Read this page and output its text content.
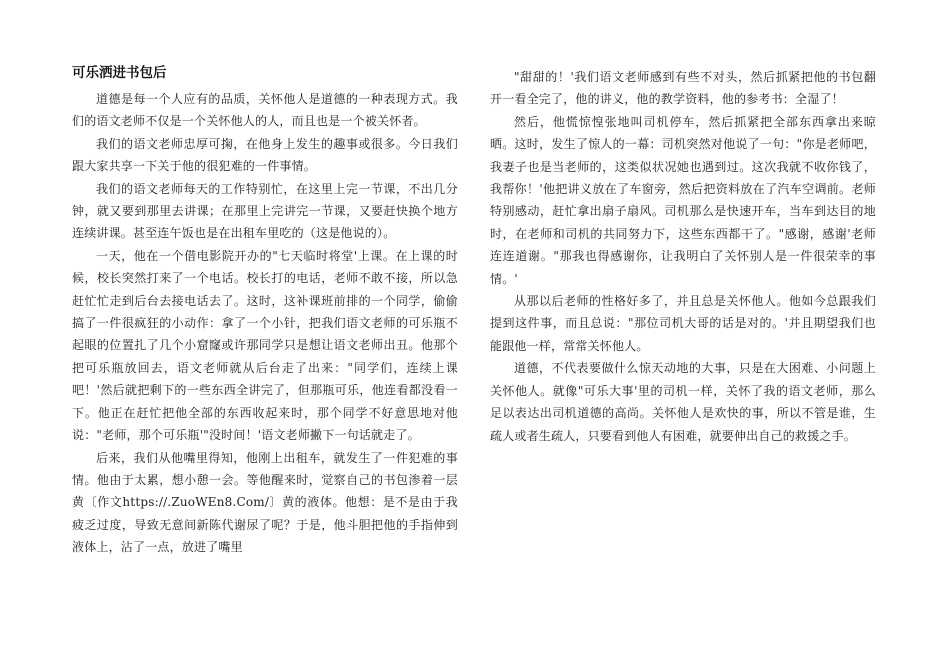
可乐洒进书包后

道德是每一个人应有的品质，关怀他人是道德的一种表现方式。我们的语文老师不仅是一个关怀他人的人，而且也是一个被关怀者。

我们的语文老师忠厚可掬，在他身上发生的趣事或很多。今日我们跟大家共享一下关于他的很犯难的一件事情。

我们的语文老师每天的工作特别忙，在这里上完一节课，不出几分钟，就又要到那里去讲课；在那里上完讲完一节课，又要赶快换个地方连续讲课。甚至连午饭也是在出租车里吃的（这是他说的）。

一天，他在一个借电影院开办的"七天临时将堂'上课。在上课的时候，校长突然打来了一个电话。校长打的电话，老师不敢不接，所以急赶忙忙走到后台去接电话去了。这时，这补课班前排的一个同学，偷偷搞了一件很疯狂的小动作：拿了一个小针，把我们语文老师的可乐瓶不起眼的位置扎了几个小窟窿或许那同学只是想让语文老师出丑。他那个把可乐瓶放回去，语文老师就从后台走了出来："同学们，连续上课吧！'然后就把剩下的一些东西全讲完了，但那瓶可乐，他连看都没看一下。他正在赶忙把他全部的东西收起来时，那个同学不好意思地对他说："老师，那个可乐瓶'"没时间！'语文老师撇下一句话就走了。

后来，我们从他嘴里得知，他刚上出租车，就发生了一件犯难的事情。他由于太累，想小憩一会。等他醒来时，觉察自己的书包渗着一层黄〔作文https://.ZuoWEn8.Com/〕黄的液体。他想：是不是由于我疲乏过度，导致无意间新陈代谢尿了呢？于是，他斗胆把他的手指伸到液体上，沾了一点，放进了嘴里

"甜甜的！'我们语文老师感到有些不对头，然后抓紧把他的书包翻开一看全完了，他的讲义，他的教学资料，他的参考书：全湿了！

然后，他慌惊惶张地叫司机停车，然后抓紧把全部东西拿出来晾晒。这时，发生了惊人的一幕：司机突然对他说了一句："你是老师吧，我妻子也是当老师的，这类似状况她也遇到过。这次我就不收你钱了，我帮你！'他把讲义放在了车窗旁，然后把资料放在了汽车空调前。老师特别感动，赶忙拿出扇子扇风。司机那么是快速开车，当车到达目的地时，在老师和司机的共同努力下，这些东西都干了。"感谢，感谢'老师连连道谢。"那我也得感谢你，让我明白了关怀别人是一件很荣幸的事情。'

从那以后老师的性格好多了，并且总是关怀他人。他如今总跟我们提到这件事，而且总说："那位司机大哥的话是对的。'并且期望我们也能跟他一样，常常关怀他人。

道德，不代表要做什么惊天动地的大事，只是在大困难、小问题上关怀他人。就像"可乐大事'里的司机一样，关怀了我的语文老师，那么足以表达出司机道德的高尚。关怀他人是欢快的事，所以不管是谁，生疏人或者生疏人，只要看到他人有困难，就要伸出自己的救援之手。
